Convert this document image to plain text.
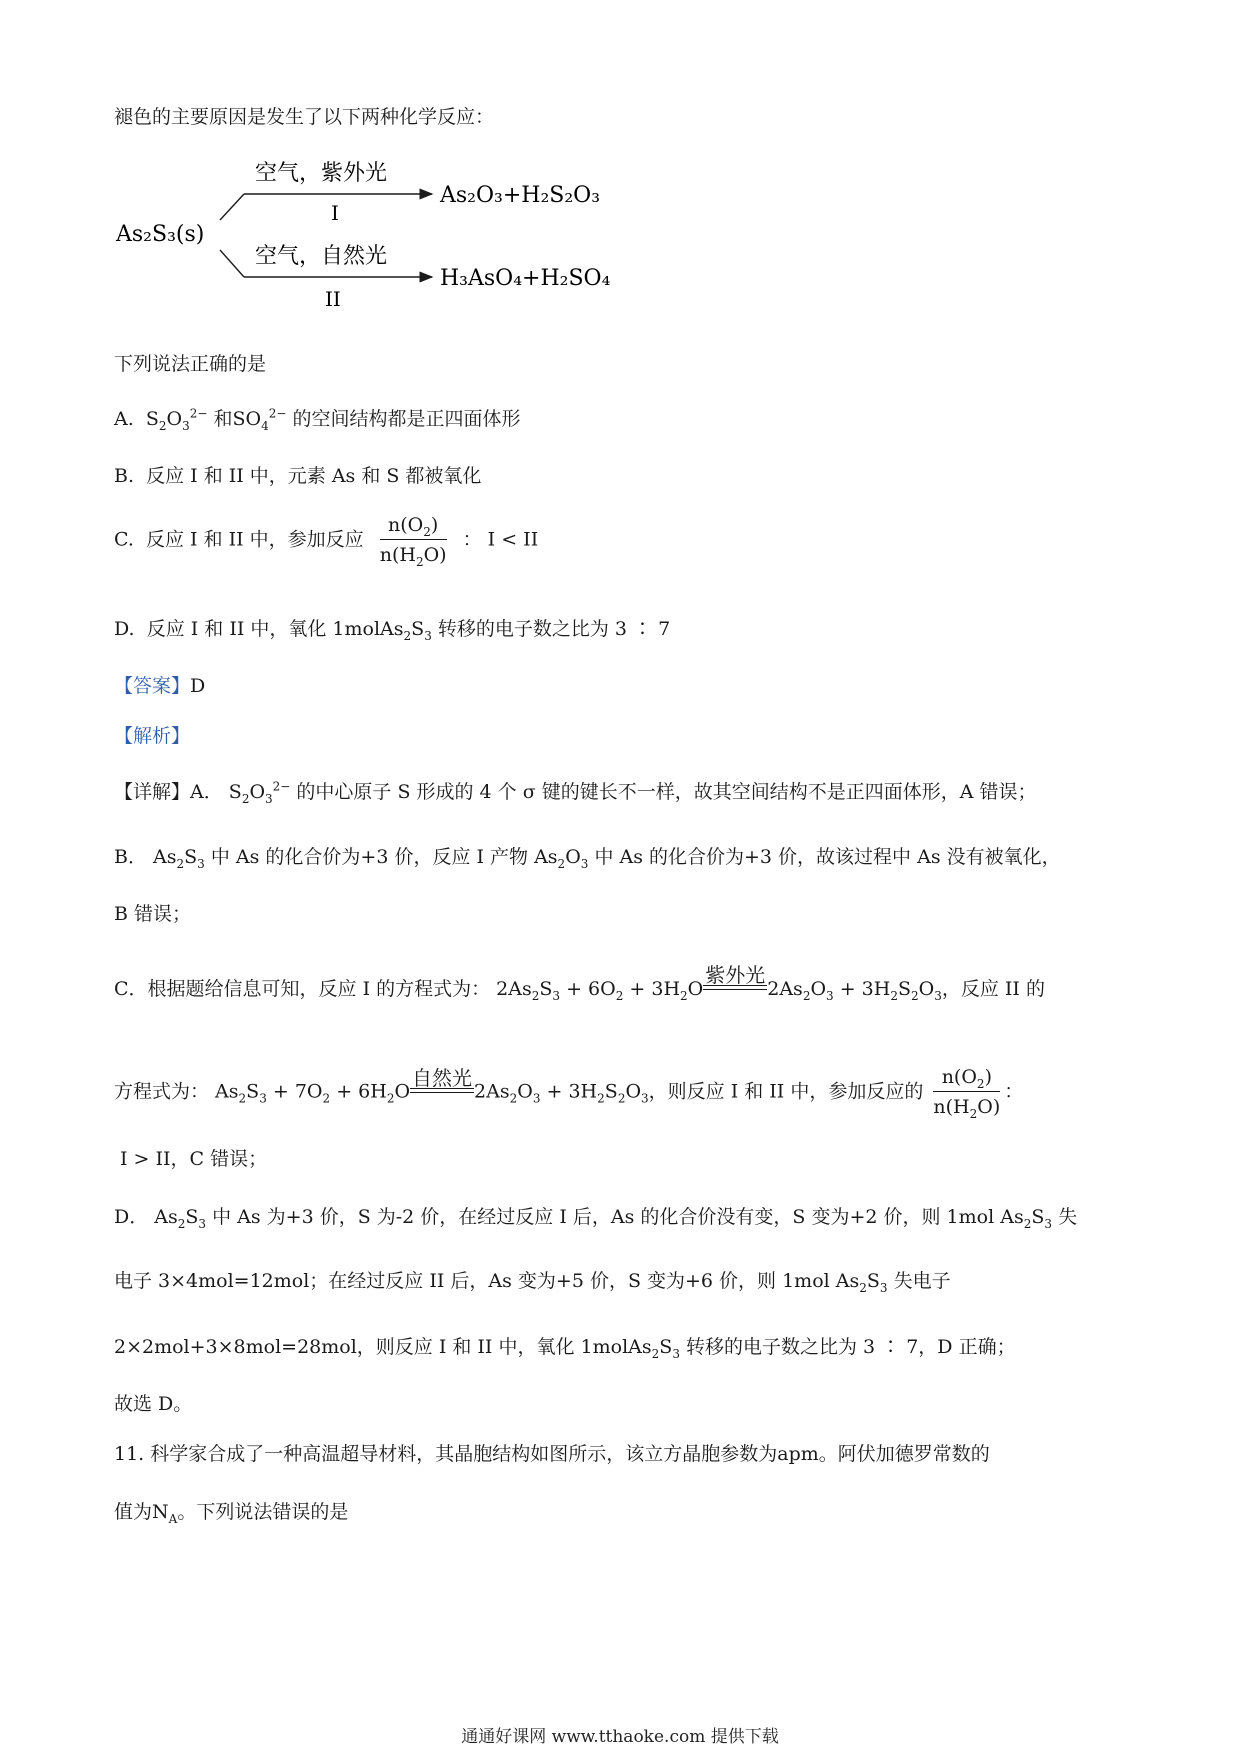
褪色的主要原因是发生了以下两种化学反应：
As₂S₃(s)
空气，紫外光
I
As₂O₃+H₂S₂O₃
空气，自然光
II
H₃AsO₄+H₂SO₄
下列说法正确的是
A.  $S_2O_3^{2-}$ 和$SO_4^{2-}$ 的空间结构都是正四面体形
B. 反应 I 和 II 中，元素 As 和 S 都被氧化
C. 反应 I 和 II 中，参加反应 $\frac{n(O_2)}{n(H_2O)}$ ： I < II
D. 反应 I 和 II 中，氧化 $1molAs_2S_3$ 转移的电子数之比为 3 ∶ 7
【答案】D
【解析】
【详解】A． $S_2O_3^{2-}$ 的中心原子 S 形成的 4 个 σ 键的键长不一样，故其空间结构不是正四面体形，A 错误；
B． $As_2S_3$ 中 As 的化合价为+3 价，反应 I 产物 $As_2O_3$ 中 As 的化合价为+3 价，故该过程中 As 没有被氧化，
B 错误；
C．根据题给信息可知，反应 I 的方程式为： $2As_2S_3 + 6O_2 + 3H_2O$
紫外光
$2As_2O_3 + 3H_2S_2O_3$，反应 II 的
方程式为： $As_2S_3 + 7O_2 + 6H_2O$
自然光
$2As_2O_3 + 3H_2S_2O_3$，则反应 I 和 II 中，参加反应的 $\frac{n(O_2)}{n(H_2O)}$ ：
I > II，C 错误；
D． $As_2S_3$ 中 As 为+3 价，S 为-2 价，在经过反应 I 后，As 的化合价没有变，S 变为+2 价，则 1mol $As_2S_3$ 失
电子 3×4mol=12mol；在经过反应 II 后，As 变为+5 价，S 变为+6 价，则 1mol $As_2S_3$ 失电子
2×2mol+3×8mol=28mol，则反应 I 和 II 中，氧化 $1molAs_2S_3$ 转移的电子数之比为 3 ∶ 7，D 正确；
故选 D。
11. 科学家合成了一种高温超导材料，其晶胞结构如图所示，该立方晶胞参数为apm。阿伏加德罗常数的
值为$N_A$。下列说法错误的是
通通好课网 www.tthaoke.com 提供下载
